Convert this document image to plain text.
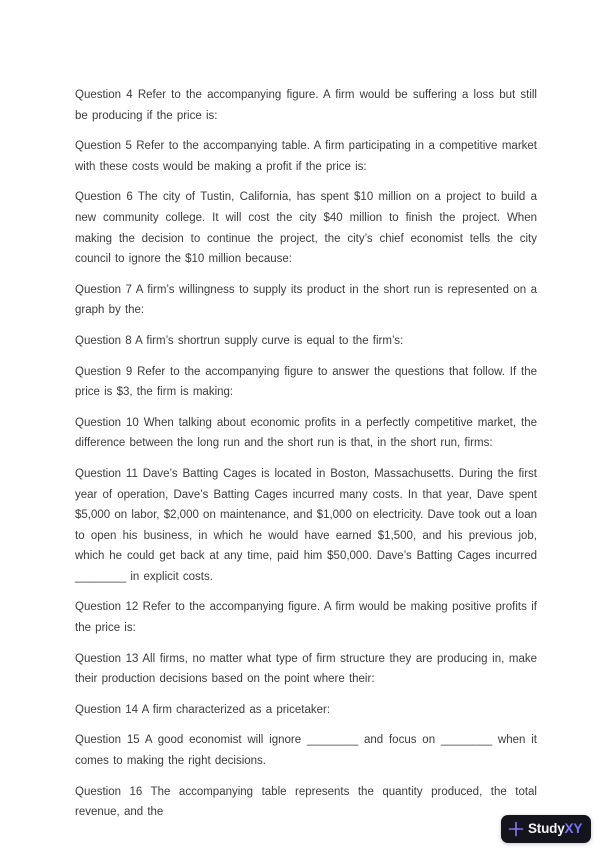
Question 4 Refer to the accompanying figure. A firm would be suffering a loss but still be producing if the price is:

Question 5 Refer to the accompanying table. A firm participating in a competitive market with these costs would be making a profit if the price is:

Question 6 The city of Tustin, California, has spent $10 million on a project to build a new community college. It will cost the city $40 million to finish the project. When making the decision to continue the project, the city’s chief economist tells the city council to ignore the $10 million because:

Question 7 A firm’s willingness to supply its product in the short run is represented on a graph by the:

Question 8 A firm’s shortrun supply curve is equal to the firm’s:

Question 9 Refer to the accompanying figure to answer the questions that follow. If the price is $3, the firm is making:

Question 10 When talking about economic profits in a perfectly competitive market, the difference between the long run and the short run is that, in the short run, firms:

Question 11 Dave’s Batting Cages is located in Boston, Massachusetts. During the first year of operation, Dave’s Batting Cages incurred many costs. In that year, Dave spent $5,000 on labor, $2,000 on maintenance, and $1,000 on electricity. Dave took out a loan to open his business, in which he would have earned $1,500, and his previous job, which he could get back at any time, paid him $50,000. Dave’s Batting Cages incurred ________ in explicit costs.

Question 12 Refer to the accompanying figure. A firm would be making positive profits if the price is:

Question 13 All firms, no matter what type of firm structure they are producing in, make their production decisions based on the point where their:

Question 14 A firm characterized as a pricetaker:

Question 15 A good economist will ignore ________ and focus on ________ when it comes to making the right decisions.

Question 16 The accompanying table represents the quantity produced, the total revenue, and the

StudyXY
